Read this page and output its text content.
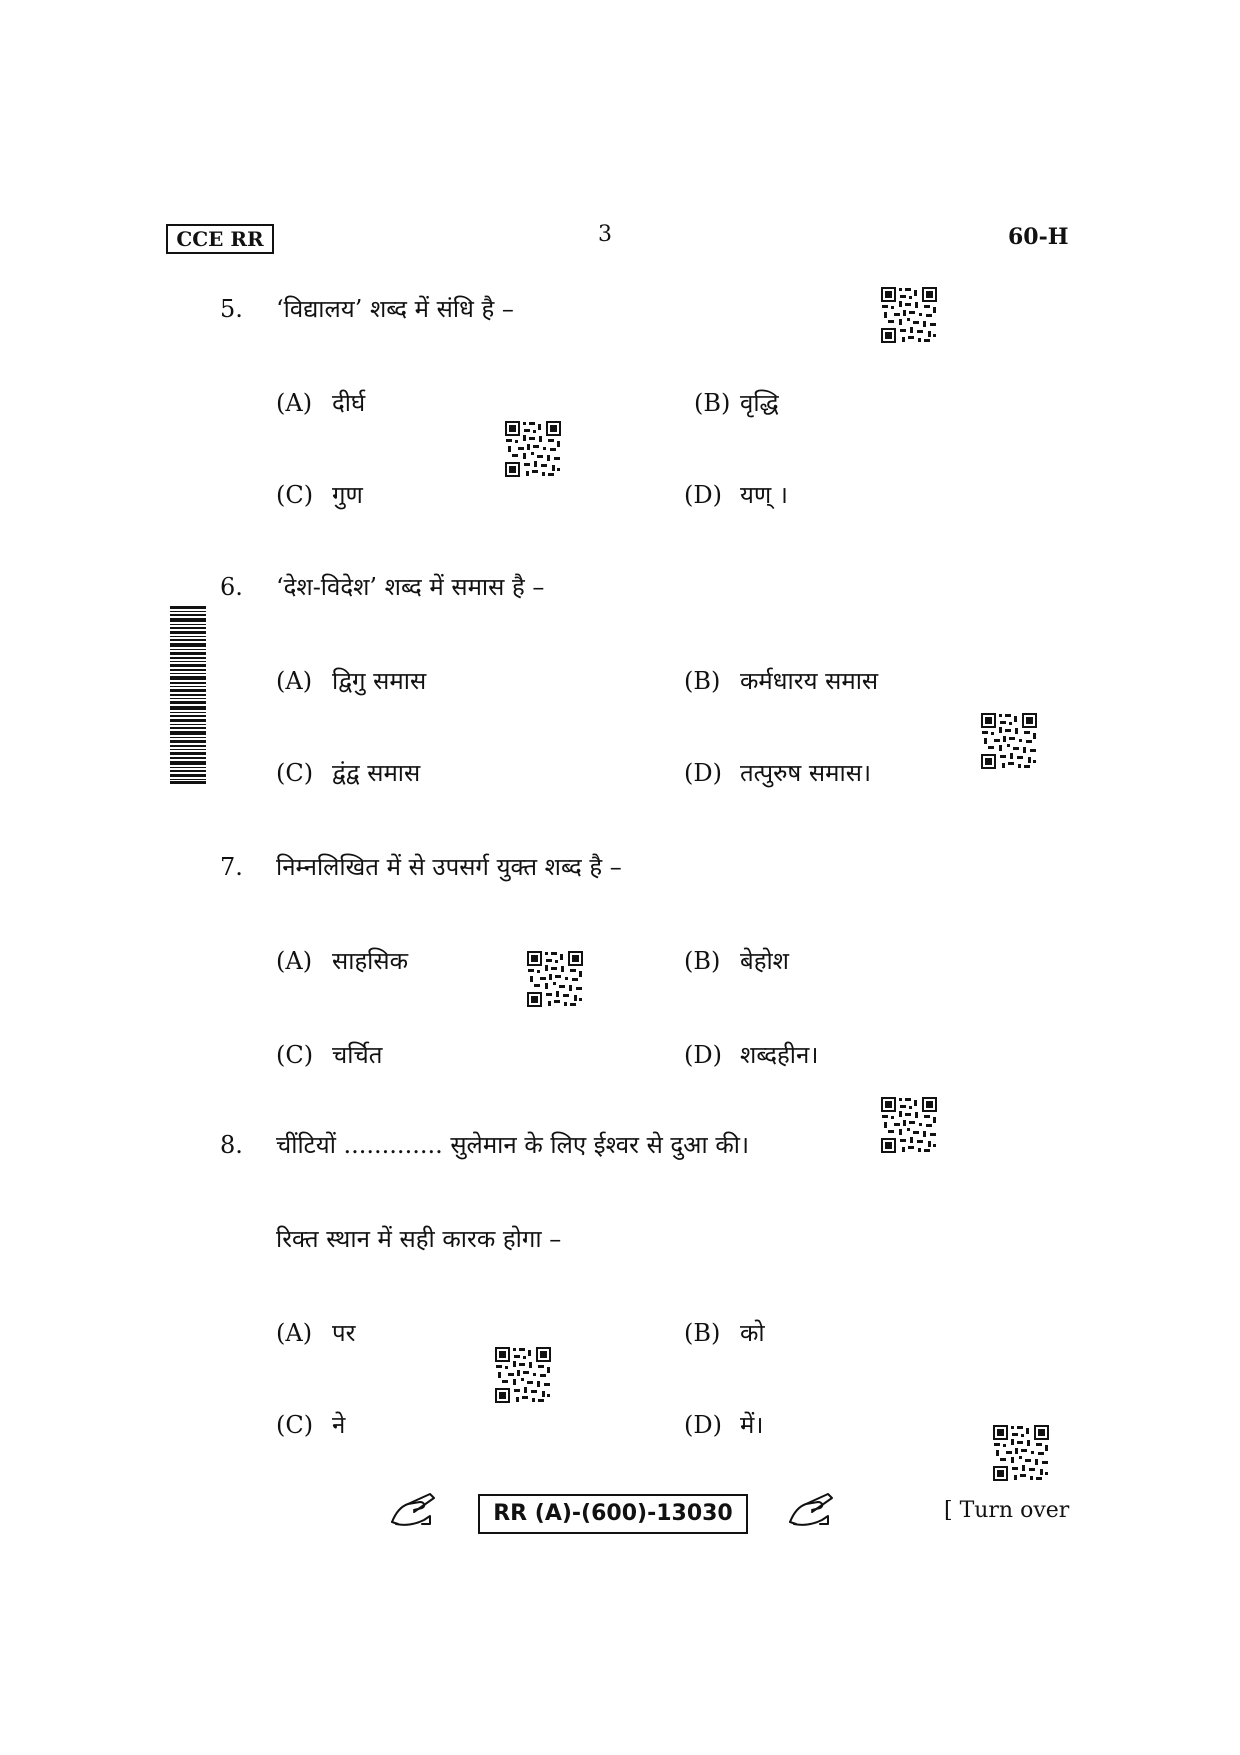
CCE RR	3	60-H
5.	‘विद्यालय’ शब्द में संधि है –
(A) दीर्घ	(B) वृद्धि
(C) गुण	(D) यण् ।
6.	‘देश-विदेश’ शब्द में समास है –
(A) द्विगु समास	(B) कर्मधारय समास
(C) द्वंद्व समास	(D) तत्पुरुष समास।
7.	निम्नलिखित में से उपसर्ग युक्त शब्द है –
(A) साहसिक	(B) बेहोश
(C) चर्चित	(D) शब्दहीन।
8.	चींटियों ............. सुलेमान के लिए ईश्वर से दुआ की।
रिक्त स्थान में सही कारक होगा –
(A) पर	(B) को
(C) ने	(D) में।
RR (A)-(600)-13030	[ Turn over
